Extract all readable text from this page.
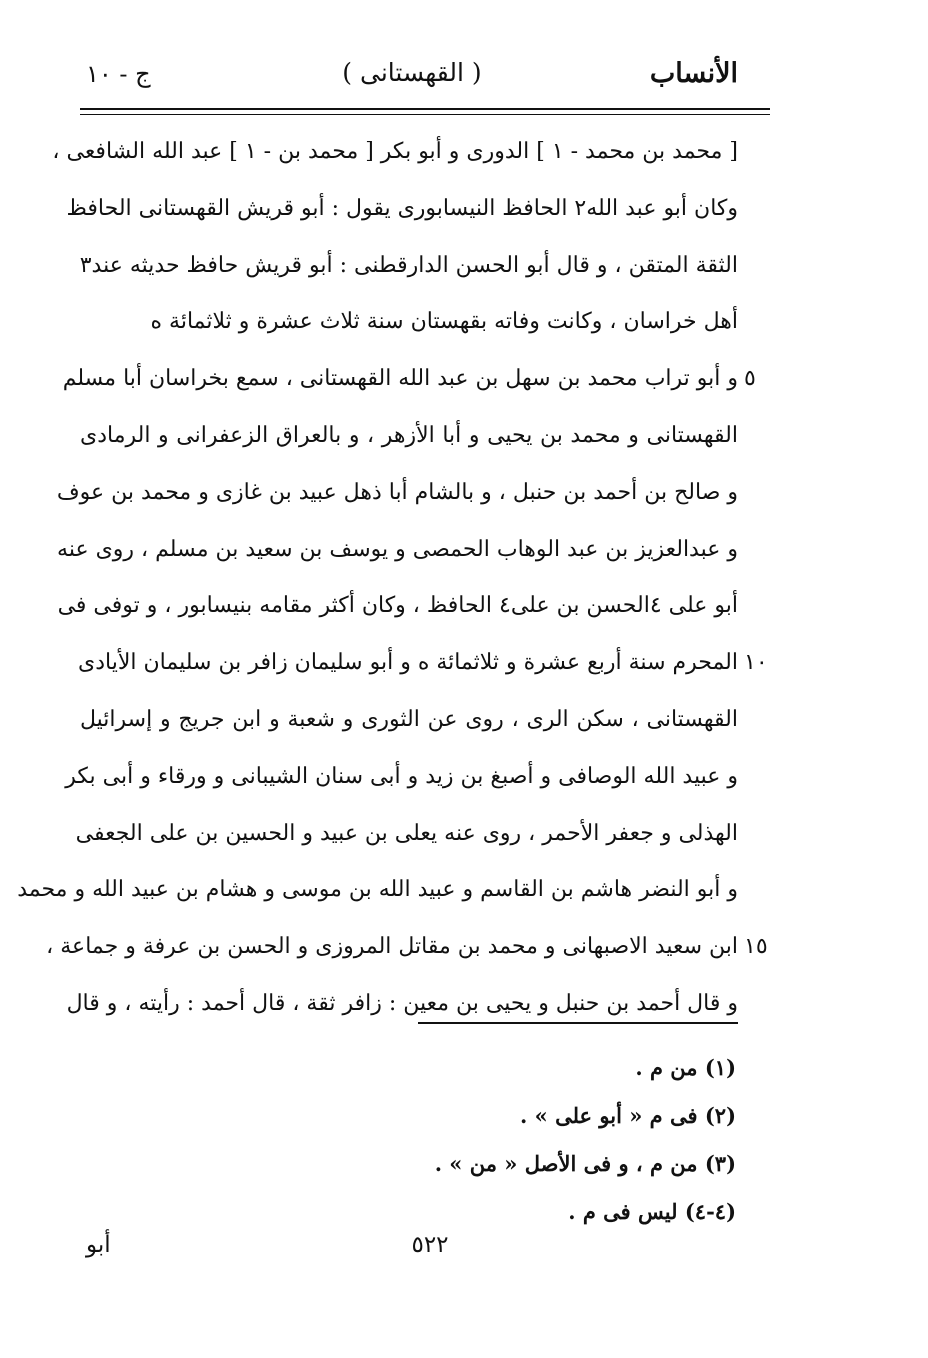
الأنساب
( القهستانى )
ج - ١٠
[ محمد بن محمد - ١ ] الدورى و أبو بكر [ محمد بن - ١ ] عبد الله الشافعى ،
وكان أبو عبد الله٢ الحافظ النيسابورى يقول : أبو قريش القهستانى الحافظ
الثقة المتقن ، و قال أبو الحسن الدارقطنى : أبو قريش حافظ حديثه عند٣
أهل خراسان ، وكانت وفاته بقهستان سنة ثلاث عشرة و ثلاثمائة ه
و أبو تراب محمد بن سهل بن عبد الله القهستانى ، سمع بخراسان أبا مسلم
القهستانى و محمد بن يحيى و أبا الأزهر ، و بالعراق الزعفرانى و الرمادى
و صالح بن أحمد بن حنبل ، و بالشام أبا ذهل عبيد بن غازى و محمد بن عوف
و عبدالعزيز بن عبد الوهاب الحمصى و يوسف بن سعيد بن مسلم ، روى عنه
أبو على ٤الحسن بن على٤ الحافظ ، وكان أكثر مقامه بنيسابور ، و توفى فى
المحرم سنة أربع عشرة و ثلاثمائة ه و أبو سليمان زافر بن سليمان الأيادى
القهستانى ، سكن الرى ، روى عن الثورى و شعبة و ابن جريج و إسرائيل
و عبيد الله الوصافى و أصبغ بن زيد و أبى سنان الشيبانى و ورقاء و أبى بكر
الهذلى و جعفر الأحمر ، روى عنه يعلى بن عبيد و الحسين بن على الجعفى
و أبو النضر هاشم بن القاسم و عبيد الله بن موسى و هشام بن عبيد الله و محمد
ابن سعيد الاصبهانى و محمد بن مقاتل المروزى و الحسن بن عرفة و جماعة ،
و قال أحمد بن حنبل و يحيى بن معين : زافر ثقة ، قال أحمد : رأيته ، و قال
٥
١٠
١٥
(١) من م .
(٢) فى م « أبو على » .
(٣) من م ، و فى الأصل « من » .
(٤-٤) ليس فى م .
أبو	٥٢٢
